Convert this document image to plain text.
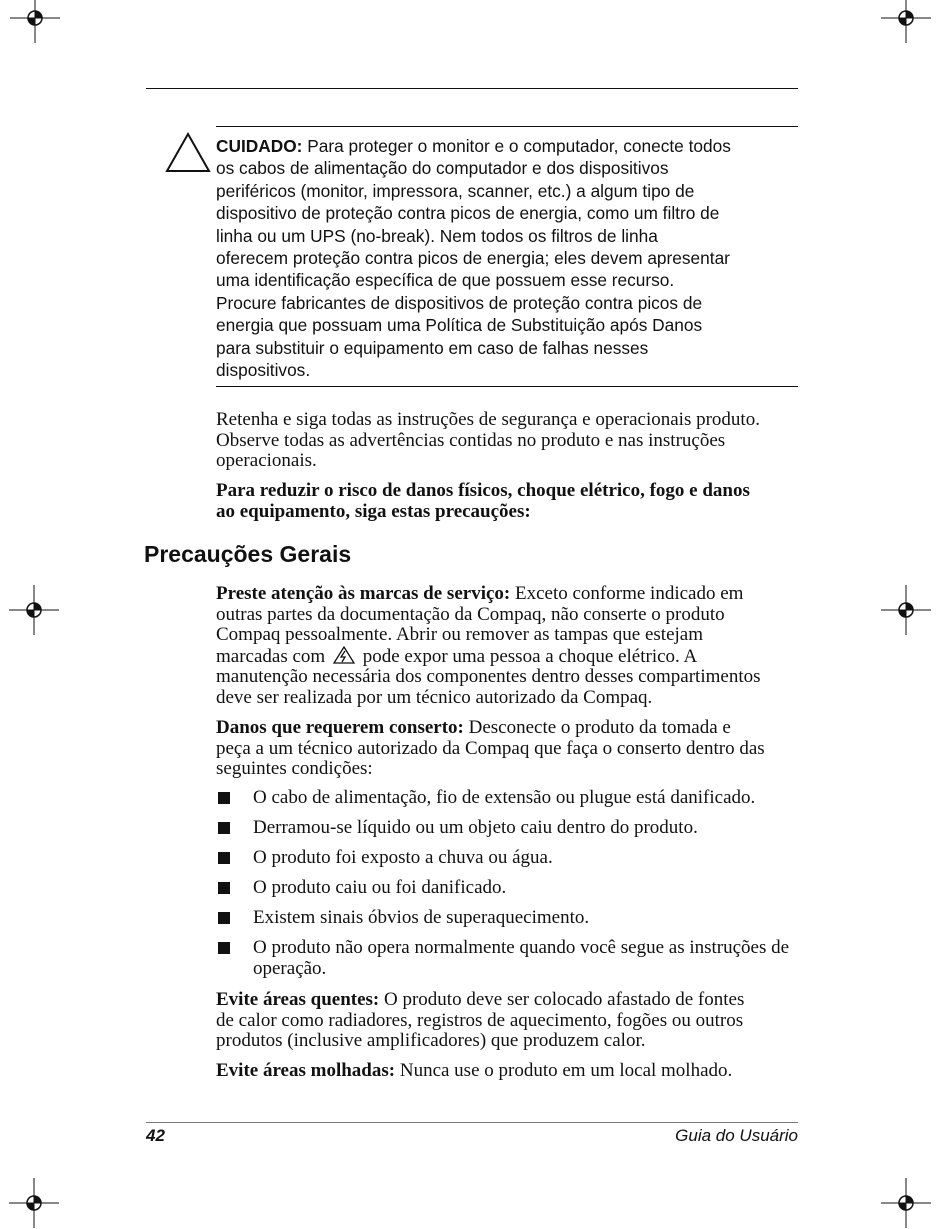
CUIDADO: Para proteger o monitor e o computador, conecte todos
os cabos de alimentação do computador e dos dispositivos
periféricos (monitor, impressora, scanner, etc.) a algum tipo de
dispositivo de proteção contra picos de energia, como um filtro de
linha ou um UPS (no-break). Nem todos os filtros de linha
oferecem proteção contra picos de energia; eles devem apresentar
uma identificação específica de que possuem esse recurso.
Procure fabricantes de dispositivos de proteção contra picos de
energia que possuam uma Política de Substituição após Danos
para substituir o equipamento em caso de falhas nesses
dispositivos.
Retenha e siga todas as instruções de segurança e operacionais produto.
Observe todas as advertências contidas no produto e nas instruções
operacionais.
Para reduzir o risco de danos físicos, choque elétrico, fogo e danos
ao equipamento, siga estas precauções:
Precauções Gerais
Preste atenção às marcas de serviço: Exceto conforme indicado em
outras partes da documentação da Compaq, não conserte o produto
Compaq pessoalmente. Abrir ou remover as tampas que estejam
marcadas com  pode expor uma pessoa a choque elétrico. A
manutenção necessária dos componentes dentro desses compartimentos
deve ser realizada por um técnico autorizado da Compaq.
Danos que requerem conserto: Desconecte o produto da tomada e
peça a um técnico autorizado da Compaq que faça o conserto dentro das
seguintes condições:
O cabo de alimentação, fio de extensão ou plugue está danificado.
Derramou-se líquido ou um objeto caiu dentro do produto.
O produto foi exposto a chuva ou água.
O produto caiu ou foi danificado.
Existem sinais óbvios de superaquecimento.
O produto não opera normalmente quando você segue as instruções de operação.
Evite áreas quentes: O produto deve ser colocado afastado de fontes
de calor como radiadores, registros de aquecimento, fogões ou outros
produtos (inclusive amplificadores) que produzem calor.
Evite áreas molhadas: Nunca use o produto em um local molhado.
42	Guia do Usuário
